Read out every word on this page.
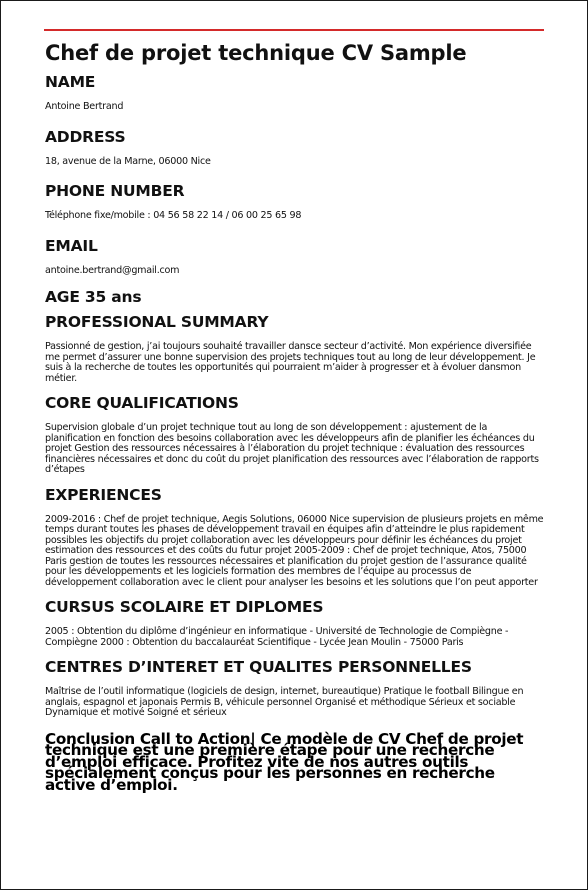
Chef de projet technique CV Sample
NAME

Antoine Bertrand

ADDRESS

18, avenue de la Marne, 06000 Nice

PHONE NUMBER

Téléphone fixe/mobile : 04 56 58 22 14 / 06 00 25 65 98

EMAIL

antoine.bertrand@gmail.com

AGE 35 ans
PROFESSIONAL SUMMARY

Passionné de gestion, j’ai toujours souhaité travailler dansce secteur d’activité. Mon expérience diversifiée me permet d’assurer une bonne supervision des projets techniques tout au long de leur développement. Je suis à la recherche de toutes les opportunités qui pourraient m’aider à progresser et à évoluer dansmon métier.

CORE QUALIFICATIONS

Supervision globale d’un projet technique tout au long de son développement : ajustement de la planification en fonction des besoins collaboration avec les développeurs afin de planifier les échéances du projet Gestion des ressources nécessaires à l’élaboration du projet technique : évaluation des ressources financières nécessaires et donc du coût du projet planification des ressources avec l’élaboration de rapports d’étapes

EXPERIENCES

2009-2016 : Chef de projet technique, Aegis Solutions, 06000 Nice supervision de plusieurs projets en même temps durant toutes les phases de développement travail en équipes afin d’atteindre le plus rapidement possibles les objectifs du projet collaboration avec les développeurs pour définir les échéances du projet estimation des ressources et des coûts du futur projet 2005-2009 : Chef de projet technique, Atos, 75000 Paris gestion de toutes les ressources nécessaires et planification du projet gestion de l’assurance qualité pour les développements et les logiciels formation des membres de l’équipe au processus de développement collaboration avec le client pour analyser les besoins et les solutions que l’on peut apporter

CURSUS SCOLAIRE ET DIPLOMES

2005 : Obtention du diplôme d’ingénieur en informatique - Université de Technologie de Compiègne - Compiègne 2000 : Obtention du baccalauréat Scientifique - Lycée Jean Moulin - 75000 Paris

CENTRES D’INTERET ET QUALITES PERSONNELLES

Maîtrise de l’outil informatique (logiciels de design, internet, bureautique) Pratique le football Bilingue en anglais, espagnol et japonais Permis B, véhicule personnel Organisé et méthodique Sérieux et sociable Dynamique et motivé Soigné et sérieux

Conclusion Call to Action| Ce modèle de CV Chef de projet technique est une première étape pour une recherche d’emploi efficace. Profitez vite de nos autres outils spécialement conçus pour les personnes en recherche active d’emploi.
